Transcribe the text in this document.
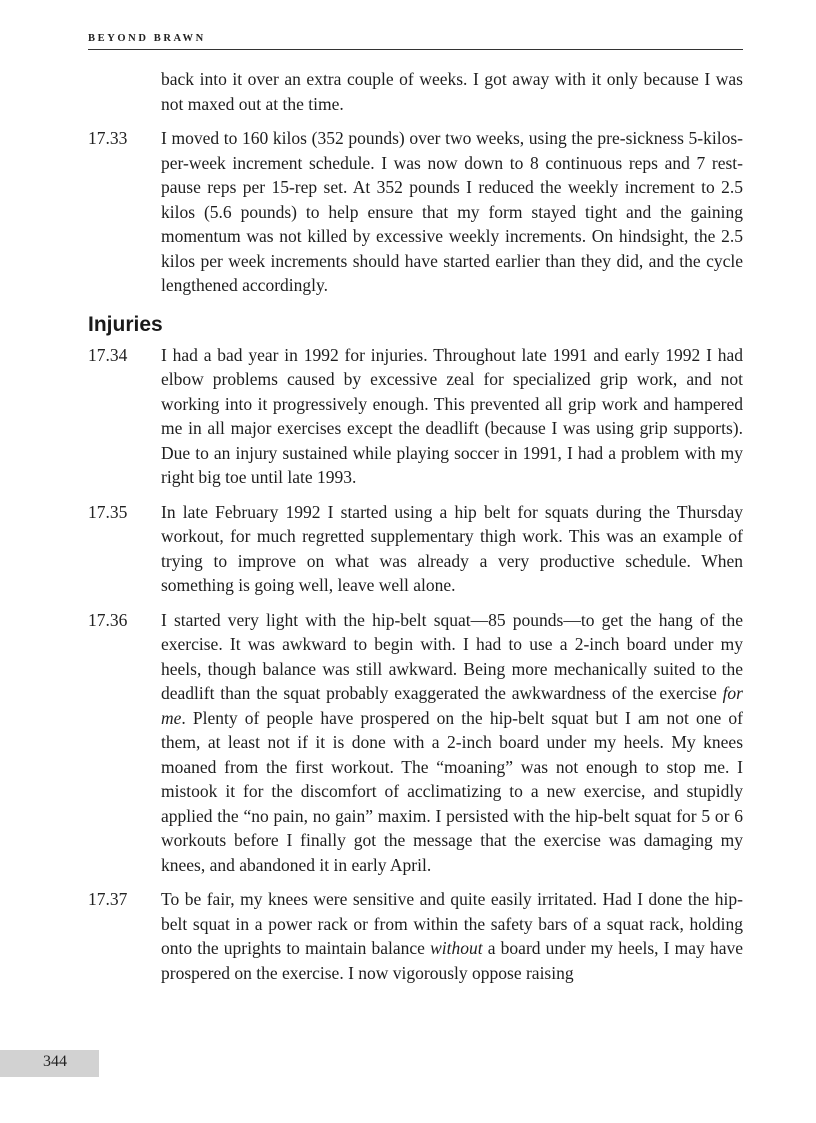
BEYOND BRAWN
back into it over an extra couple of weeks. I got away with it only because I was not maxed out at the time.
17.33 I moved to 160 kilos (352 pounds) over two weeks, using the pre-sickness 5-kilos-per-week increment schedule. I was now down to 8 continuous reps and 7 rest-pause reps per 15-rep set. At 352 pounds I reduced the weekly increment to 2.5 kilos (5.6 pounds) to help ensure that my form stayed tight and the gaining momentum was not killed by excessive weekly increments. On hindsight, the 2.5 kilos per week increments should have started earlier than they did, and the cycle lengthened accordingly.
Injuries
17.34 I had a bad year in 1992 for injuries. Throughout late 1991 and early 1992 I had elbow problems caused by excessive zeal for specialized grip work, and not working into it progressively enough. This prevented all grip work and hampered me in all major exercises except the deadlift (because I was using grip supports). Due to an injury sustained while playing soccer in 1991, I had a problem with my right big toe until late 1993.
17.35 In late February 1992 I started using a hip belt for squats during the Thursday workout, for much regretted supplementary thigh work. This was an example of trying to improve on what was already a very productive schedule. When something is going well, leave well alone.
17.36 I started very light with the hip-belt squat—85 pounds—to get the hang of the exercise. It was awkward to begin with. I had to use a 2-inch board under my heels, though balance was still awkward. Being more mechanically suited to the deadlift than the squat probably exaggerated the awkwardness of the exercise for me. Plenty of people have prospered on the hip-belt squat but I am not one of them, at least not if it is done with a 2-inch board under my heels. My knees moaned from the first workout. The “moaning” was not enough to stop me. I mistook it for the discomfort of acclimatizing to a new exercise, and stupidly applied the “no pain, no gain” maxim. I persisted with the hip-belt squat for 5 or 6 workouts before I finally got the message that the exercise was damaging my knees, and abandoned it in early April.
17.37 To be fair, my knees were sensitive and quite easily irritated. Had I done the hip-belt squat in a power rack or from within the safety bars of a squat rack, holding onto the uprights to maintain balance without a board under my heels, I may have prospered on the exercise. I now vigorously oppose raising
344
